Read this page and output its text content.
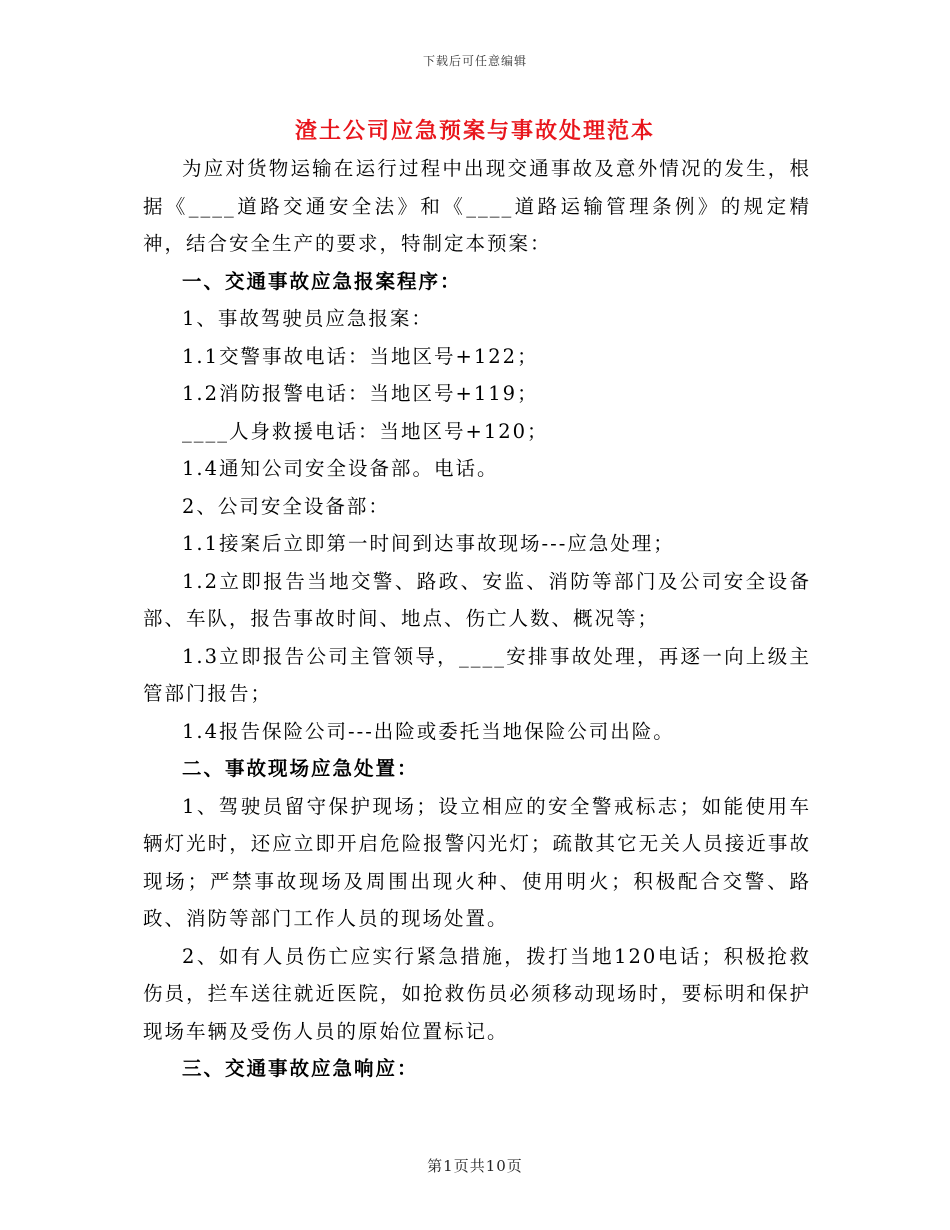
下载后可任意编辑
渣土公司应急预案与事故处理范本

为应对货物运输在运行过程中出现交通事故及意外情况的发生，根据《____道路交通安全法》和《____道路运输管理条例》的规定精神，结合安全生产的要求，特制定本预案：

一、交通事故应急报案程序：

1、事故驾驶员应急报案：

1.1交警事故电话：当地区号+122；

1.2消防报警电话：当地区号+119；

____人身救援电话：当地区号+120；

1.4通知公司安全设备部。电话。

2、公司安全设备部：

1.1接案后立即第一时间到达事故现场---应急处理；

1.2立即报告当地交警、路政、安监、消防等部门及公司安全设备部、车队，报告事故时间、地点、伤亡人数、概况等；

1.3立即报告公司主管领导，____安排事故处理，再逐一向上级主管部门报告；

1.4报告保险公司---出险或委托当地保险公司出险。

二、事故现场应急处置：

1、驾驶员留守保护现场；设立相应的安全警戒标志；如能使用车辆灯光时，还应立即开启危险报警闪光灯；疏散其它无关人员接近事故现场；严禁事故现场及周围出现火种、使用明火；积极配合交警、路政、消防等部门工作人员的现场处置。

2、如有人员伤亡应实行紧急措施，拨打当地120电话；积极抢救伤员，拦车送往就近医院，如抢救伤员必须移动现场时，要标明和保护现场车辆及受伤人员的原始位置标记。

三、交通事故应急响应：

第1页共10页
